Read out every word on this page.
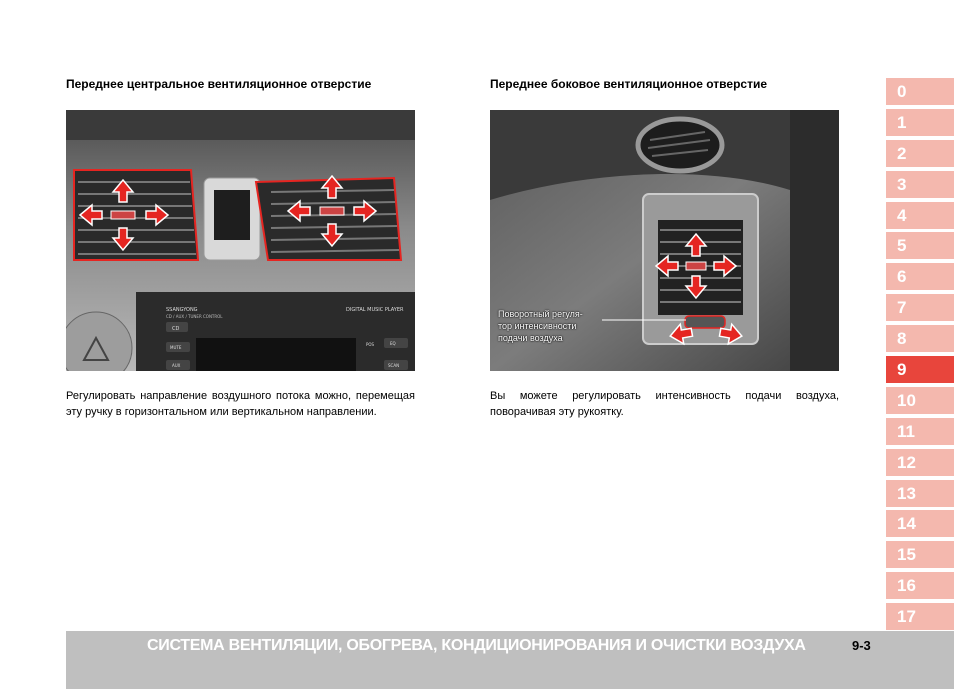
Переднее центральное вентиляционное отверстие
SSANGYONG
CD / AUX / TUNER CONTROL
DIGITAL MUSIC PLAYER
CD
MUTE
AUX
POS	EQ
SCAN

Регулировать направление воздушного потока можно, перемещая эту ручку в горизонтальном или вертикальном направлении.

Переднее боковое вентиляционное отверстие
Поворотный регуля-
тор интенсивности
подачи воздуха

Вы можете регулировать интенсивность подачи воздуха, поворачивая эту рукоятку.

0
1
2
3
4
5
6
7
8
9
10
11
12
13
14
15
16
17
СИСТЕМА ВЕНТИЛЯЦИИ, ОБОГРЕВА, КОНДИЦИОНИРОВАНИЯ И ОЧИСТКИ ВОЗДУХА	9-3
